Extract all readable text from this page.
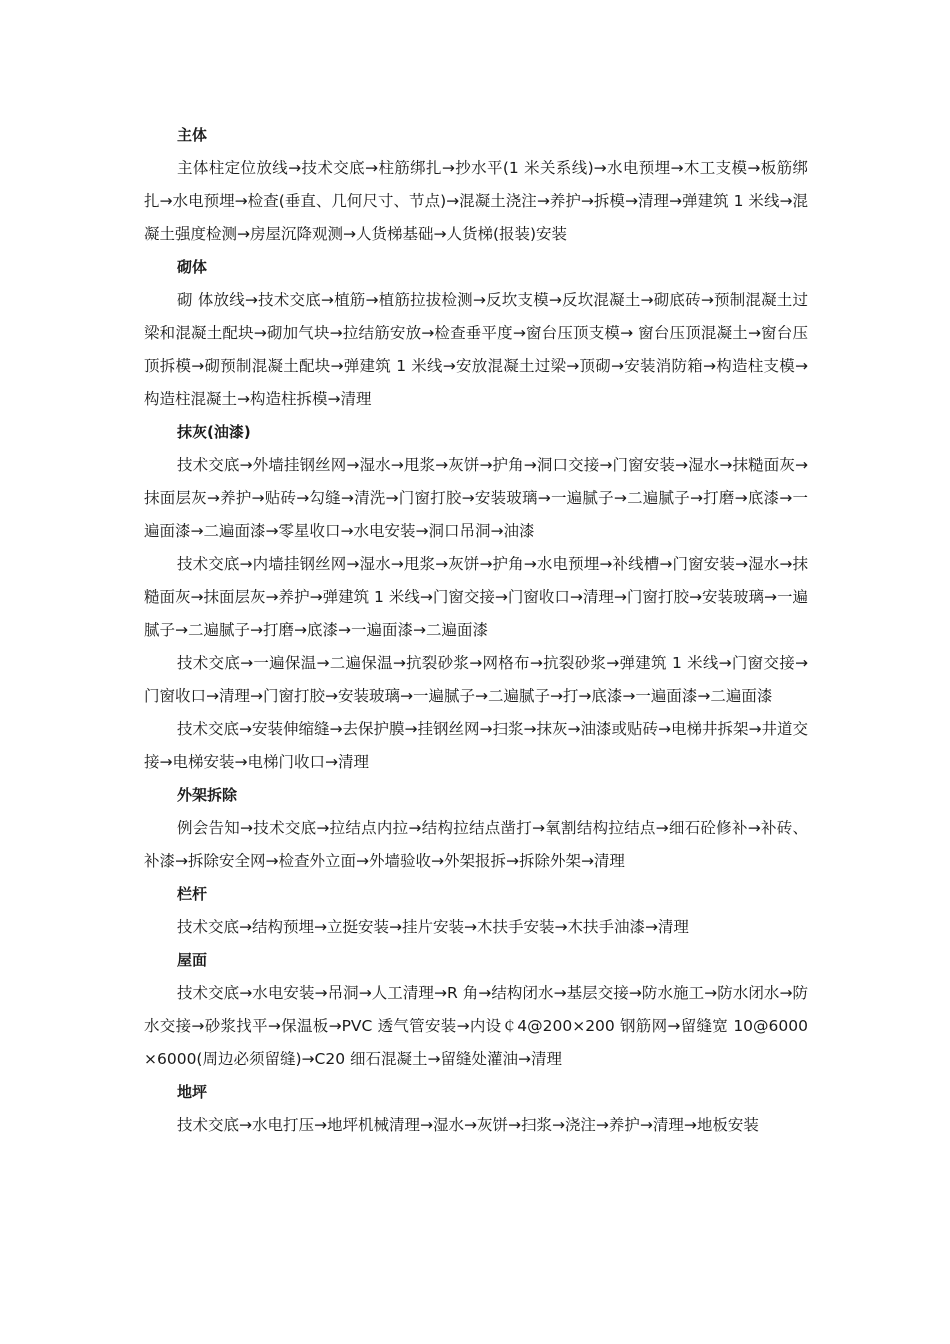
主体

主体柱定位放线→技术交底→柱筋绑扎→抄水平(1 米关系线)→水电预埋→木工支模→板筋绑扎→水电预埋→检查(垂直、几何尺寸、节点)→混凝土浇注→养护→拆模→清理→弹建筑 1 米线→混凝土强度检测→房屋沉降观测→人货梯基础→人货梯(报装)安装

砌体

砌 体放线→技术交底→植筋→植筋拉拔检测→反坎支模→反坎混凝土→砌底砖→预制混凝土过梁和混凝土配块→砌加气块→拉结筋安放→检查垂平度→窗台压顶支模→ 窗台压顶混凝土→窗台压顶拆模→砌预制混凝土配块→弹建筑 1 米线→安放混凝土过梁→顶砌→安装消防箱→构造柱支模→构造柱混凝土→构造柱拆模→清理

抹灰(油漆)

技术交底→外墙挂钢丝网→湿水→甩浆→灰饼→护角→洞口交接→门窗安装→湿水→抹糙面灰→抹面层灰→养护→贴砖→勾缝→清洗→门窗打胶→安装玻璃→一遍腻子→二遍腻子→打磨→底漆→一遍面漆→二遍面漆→零星收口→水电安装→洞口吊洞→油漆

技术交底→内墙挂钢丝网→湿水→甩浆→灰饼→护角→水电预埋→补线槽→门窗安装→湿水→抹糙面灰→抹面层灰→养护→弹建筑 1 米线→门窗交接→门窗收口→清理→门窗打胶→安装玻璃→一遍腻子→二遍腻子→打磨→底漆→一遍面漆→二遍面漆

技术交底→一遍保温→二遍保温→抗裂砂浆→网格布→抗裂砂浆→弹建筑 1 米线→门窗交接→门窗收口→清理→门窗打胶→安装玻璃→一遍腻子→二遍腻子→打→底漆→一遍面漆→二遍面漆

技术交底→安装伸缩缝→去保护膜→挂钢丝网→扫浆→抹灰→油漆或贴砖→电梯井拆架→井道交接→电梯安装→电梯门收口→清理

外架拆除

例会告知→技术交底→拉结点内拉→结构拉结点凿打→氧割结构拉结点→细石砼修补→补砖、补漆→拆除安全网→检查外立面→外墙验收→外架报拆→拆除外架→清理

栏杆

技术交底→结构预埋→立挺安装→挂片安装→木扶手安装→木扶手油漆→清理

屋面

技术交底→水电安装→吊洞→人工清理→R 角→结构闭水→基层交接→防水施工→防水闭水→防水交接→砂浆找平→保温板→PVC 透气管安装→内设￠4@200×200 钢筋网→留缝宽 10@6000×6000(周边必须留缝)→C20 细石混凝土→留缝处灌油→清理

地坪

技术交底→水电打压→地坪机械清理→湿水→灰饼→扫浆→浇注→养护→清理→地板安装
